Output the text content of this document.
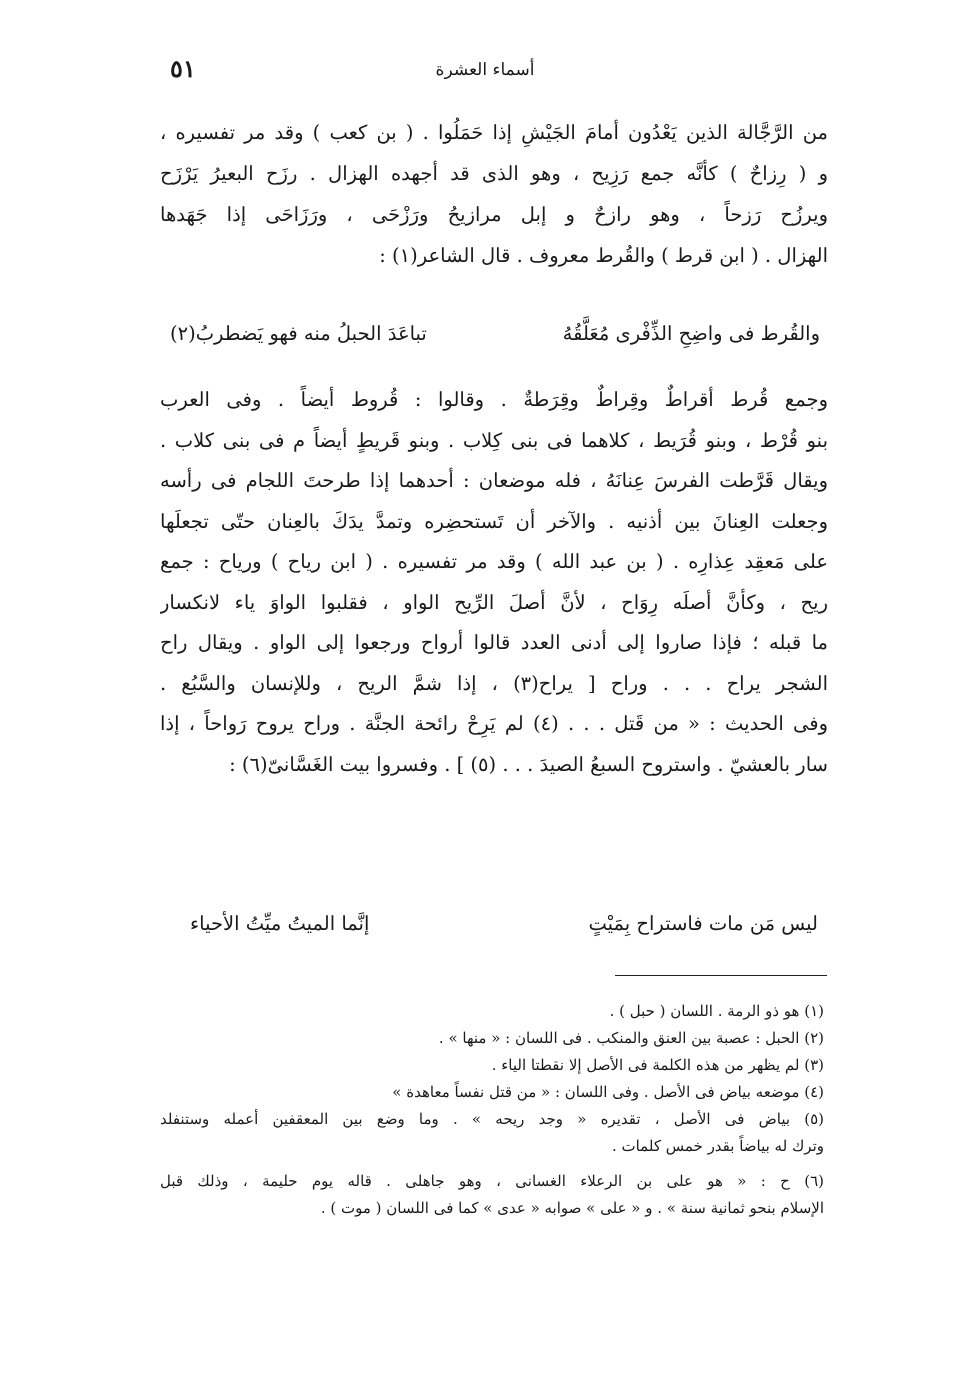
أسماء العشرة
٥١
من الرَّجَّالة الذين يَعْدُون أمامَ الجَيْشِ إذا حَمَلُوا . ( بن كعب ) وقد مر تفسيره ،
و ( رِزاحٌ ) كأنَّه جمع رَزِيح ، وهو الذى قد أجهده الهزال . رزَح البعيرُ يَرْزَح
ويرزُح رَزحاً ، وهو رازحٌ و إبل مرازيحُ ورَزْحَى ، ورَزَاحَى إذا جَهَدها
الهزال . ( ابن قرط ) والقُرط معروف . قال الشاعر(١) :
والقُرط فى واضِحِ الذِّفْرى مُعَلَّقُهُ
تباعَدَ الحبلُ منه فهو يَضطربُ(٢)
وجمع قُرط أقراطٌ وقِراطٌ وقِرَطةٌ . وقالوا : قُروط أيضاً . وفى العرب
بنو قُرْط ، وبنو قُرَيط ، كلاهما فى بنى كِلاب . وبنو قَريطٍ أيضاً م فى بنى كلاب .
ويقال قَرَّطت الفرسَ عِنانَهُ ، فله موضعان : أحدهما إذا طرحتَ اللجام فى رأسه
وجعلت العِنانَ بين أذنيه . والآخر أن تَستحضِره وتمدَّ يدَكَ بالعِنان حتّى تجعلَها
على مَعقِد عِذارِه . ( بن عبد الله ) وقد مر تفسيره . ( ابن رياح ) ورياح : جمع
ريح ، وكأنَّ أصلَه رِوَاح ، لأنَّ أصلَ الرِّيح الواو ، فقلبوا الواوَ ياء لانكسار
ما قبله ؛ فإذا صاروا إلى أدنى العدد قالوا أرواح ورجعوا إلى الواو . ويقال راح
الشجر يراح . . . وراح [ يراح(٣) ، إذا شمَّ الريح ، وللإنسان والسَّبُع .
وفى الحديث : « من قَتل . . . (٤) لم يَرِحْ رائحة الجنَّة . وراح يروح رَواحاً ، إذا
سار بالعشيّ . واستروح السبعُ الصيدَ . . . (٥) ] . وفسروا بيت الغَسَّانىّ(٦) :
ليس مَن مات فاستراح بِمَيْتٍ
إنَّما الميتُ ميِّتُ الأحياء
(١) هو ذو الرمة . اللسان ( حبل ) .
(٢) الحبل : عصبة بين العنق والمنكب . فى اللسان : « منها » .
(٣) لم يظهر من هذه الكلمة فى الأصل إلا نقطتا الياء .
(٤) موضعه بياض فى الأصل . وفى اللسان : « من قتل نفساً معاهدة »
(٥) بياض فى الأصل ، تقديره « وجد ريحه » . وما وضع بين المعقفين أعمله وستنفلد
وترك له بياضاً بقدر خمس كلمات .
(٦) ح : « هو على بن الرعلاء الغسانى ، وهو جاهلى . قاله يوم حليمة ، وذلك قبل
الإسلام بنحو ثمانية سنة » . و « على » صوابه « عدى » كما فى اللسان ( موت ) .
